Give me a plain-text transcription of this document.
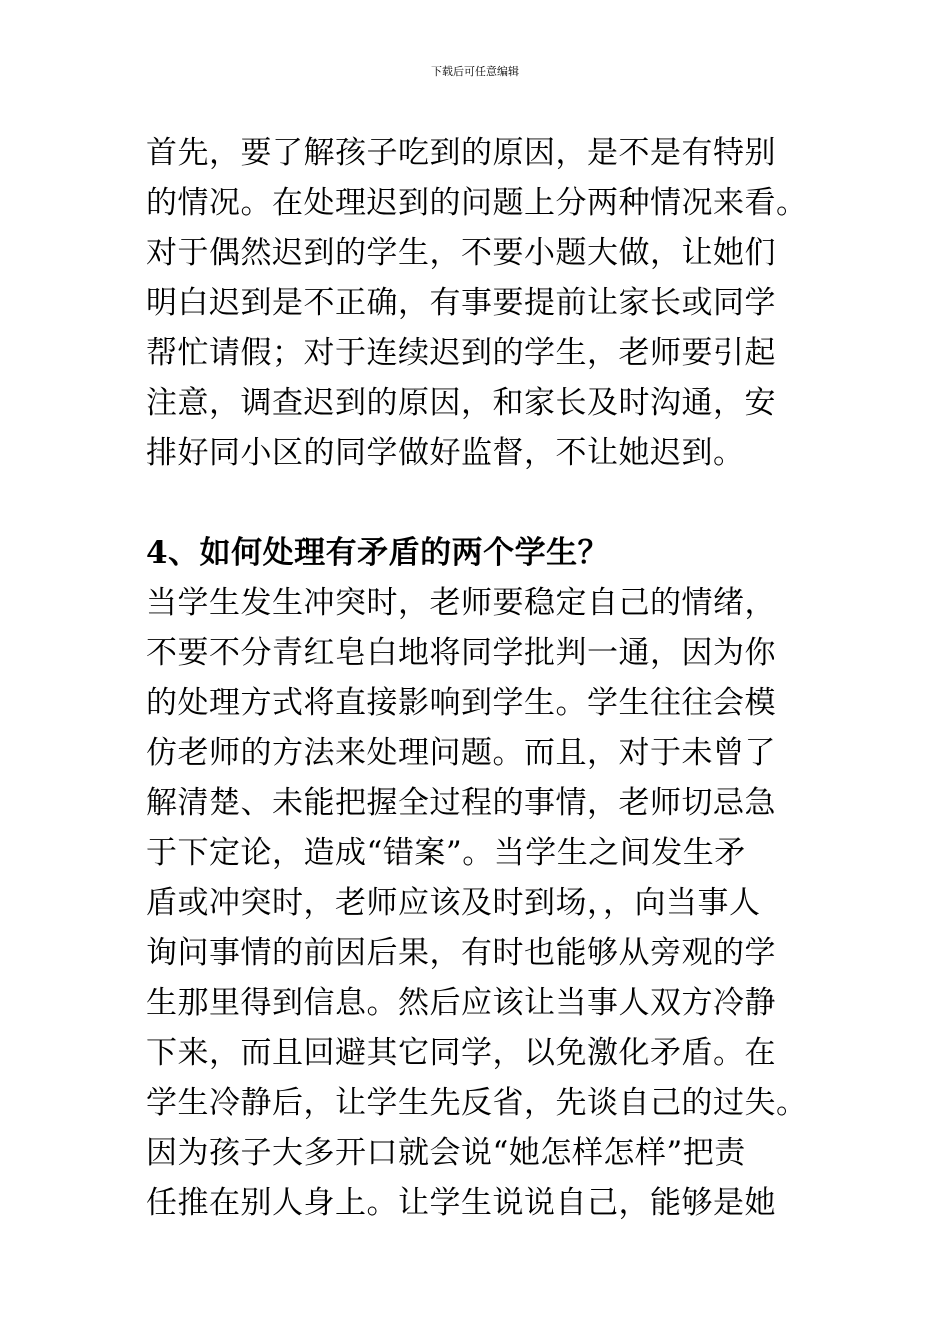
下载后可任意编辑
首先，要了解孩子吃到的原因，是不是有特别
的情况。在处理迟到的问题上分两种情况来看。
对于偶然迟到的学生，不要小题大做，让她们
明白迟到是不正确，有事要提前让家长或同学
帮忙请假；对于连续迟到的学生，老师要引起
注意，调查迟到的原因，和家长及时沟通，安
排好同小区的同学做好监督，不让她迟到。
4、如何处理有矛盾的两个学生？
当学生发生冲突时，老师要稳定自己的情绪，
不要不分青红皂白地将同学批判一通，因为你
的处理方式将直接影响到学生。学生往往会模
仿老师的方法来处理问题。而且，对于未曾了
解清楚、未能把握全过程的事情，老师切忌急
于下定论，造成“错案”。当学生之间发生矛
盾或冲突时，老师应该及时到场，，向当事人
询问事情的前因后果，有时也能够从旁观的学
生那里得到信息。然后应该让当事人双方冷静
下来，而且回避其它同学，以免激化矛盾。在
学生冷静后，让学生先反省，先谈自己的过失。
因为孩子大多开口就会说“她怎样怎样”把责
任推在别人身上。让学生说说自己，能够是她
